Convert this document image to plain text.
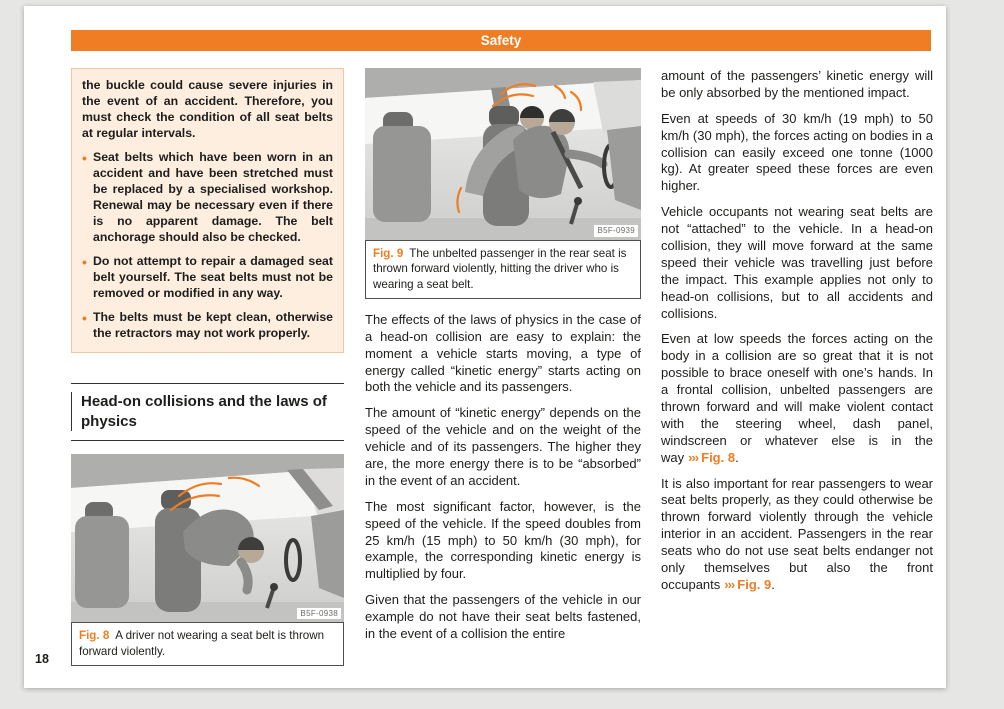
Safety

the buckle could cause severe injuries in the event of an accident. Therefore, you must check the condition of all seat belts at regular intervals.

• Seat belts which have been worn in an accident and have been stretched must be replaced by a specialised workshop. Renewal may be necessary even if there is no apparent damage. The belt anchorage should also be checked.

• Do not attempt to repair a damaged seat belt yourself. The seat belts must not be removed or modified in any way.

• The belts must be kept clean, otherwise the retractors may not work properly.

Head-on collisions and the laws of physics
B5F-0938
Fig. 8 A driver not wearing a seat belt is thrown forward violently.
B5F-0939
Fig. 9 The unbelted passenger in the rear seat is thrown forward violently, hitting the driver who is wearing a seat belt.

The effects of the laws of physics in the case of a head-on collision are easy to explain: the moment a vehicle starts moving, a type of energy called “kinetic energy” starts acting on both the vehicle and its passengers.

The amount of “kinetic energy” depends on the speed of the vehicle and on the weight of the vehicle and of its passengers. The higher they are, the more energy there is to be “absorbed” in the event of an accident.

The most significant factor, however, is the speed of the vehicle. If the speed doubles from 25 km/h (15 mph) to 50 km/h (30 mph), for example, the corresponding kinetic energy is multiplied by four.

Given that the passengers of the vehicle in our example do not have their seat belts fastened, in the event of a collision the entire

amount of the passengers’ kinetic energy will be only absorbed by the mentioned impact.

Even at speeds of 30 km/h (19 mph) to 50 km/h (30 mph), the forces acting on bodies in a collision can easily exceed one tonne (1000 kg). At greater speed these forces are even higher.

Vehicle occupants not wearing seat belts are not “attached” to the vehicle. In a head-on collision, they will move forward at the same speed their vehicle was travelling just before the impact. This example applies not only to head-on collisions, but to all accidents and collisions.

Even at low speeds the forces acting on the body in a collision are so great that it is not possible to brace oneself with one’s hands. In a frontal collision, unbelted passengers are thrown forward and will make violent contact with the steering wheel, dash panel, windscreen or whatever else is in the way ››› Fig. 8.

It is also important for rear passengers to wear seat belts properly, as they could otherwise be thrown forward violently through the vehicle interior in an accident. Passengers in the rear seats who do not use seat belts endanger not only themselves but also the front occupants ››› Fig. 9.

18
